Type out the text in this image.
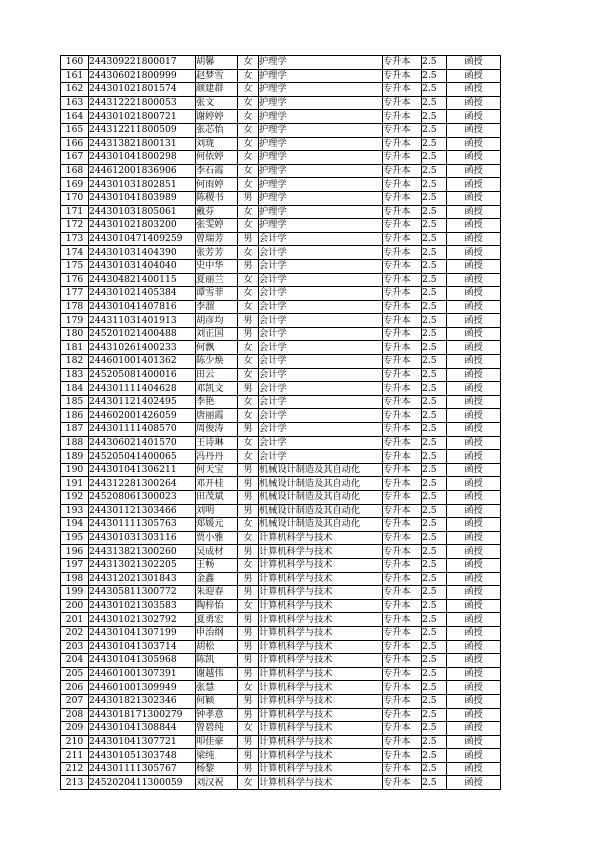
160	244309221800017	胡馨	女	护理学	专升本	2.5	函授
161	244306021800999	赵梦雪	女	护理学	专升本	2.5	函授
162	244301021801574	颜建群	女	护理学	专升本	2.5	函授
163	244312221800053	张文	女	护理学	专升本	2.5	函授
164	244301021800721	谢婷婷	女	护理学	专升本	2.5	函授
165	244312211800509	张芯怡	女	护理学	专升本	2.5	函授
166	244313821800131	刘珑	女	护理学	专升本	2.5	函授
167	244301041800298	何依婷	女	护理学	专升本	2.5	函授
168	244612001836906	李石霞	女	护理学	专升本	2.5	函授
169	244301031802851	何雨婷	女	护理学	专升本	2.5	函授
170	244301041803989	陈稷书	男	护理学	专升本	2.5	函授
171	244301031805061	戴芬	女	护理学	专升本	2.5	函授
172	244301021803200	张雯婷	女	护理学	专升本	2.5	函授
173	2443010471409259	曾瑞芳	男	会计学	专升本	2.5	函授
174	244301031404390	张芳芳	女	会计学	专升本	2.5	函授
175	244301031404040	史中华	男	会计学	专升本	2.5	函授
176	244304821400115	夏丽兰	女	会计学	专升本	2.5	函授
177	244301021405384	谭雪菲	女	会计学	专升本	2.5	函授
178	244301041407816	李溜	女	会计学	专升本	2.5	函授
179	244311031401913	胡彦均	男	会计学	专升本	2.5	函授
180	245201021400488	刘正国	男	会计学	专升本	2.5	函授
181	244310261400233	何飘	女	会计学	专升本	2.5	函授
182	244601001401362	陈少焕	女	会计学	专升本	2.5	函授
183	245205081400016	田云	女	会计学	专升本	2.5	函授
184	244301111404628	邓凯文	男	会计学	专升本	2.5	函授
185	244301121402495	李艳	女	会计学	专升本	2.5	函授
186	244602001426059	唐丽霞	女	会计学	专升本	2.5	函授
187	244301111408570	周俊涛	男	会计学	专升本	2.5	函授
188	244306021401570	王诗琳	女	会计学	专升本	2.5	函授
189	245205041400065	冯丹丹	女	会计学	专升本	2.5	函授
190	244301041306211	何天宝	男	机械设计制造及其自动化	专升本	2.5	函授
191	244312281300264	邓开桂	男	机械设计制造及其自动化	专升本	2.5	函授
192	245208061300023	田茂斌	男	机械设计制造及其自动化	专升本	2.5	函授
193	244301121303466	刘明	男	机械设计制造及其自动化	专升本	2.5	函授
194	244301111305763	郑媛元	女	机械设计制造及其自动化	专升本	2.5	函授
195	244301031303116	贾小雅	女	计算机科学与技术	专升本	2.5	函授
196	244313821300260	吴成材	男	计算机科学与技术	专升本	2.5	函授
197	244313021302205	王畅	女	计算机科学与技术	专升本	2.5	函授
198	244312021301843	金鑫	男	计算机科学与技术	专升本	2.5	函授
199	244305811300772	朱迎春	男	计算机科学与技术	专升本	2.5	函授
200	244301021303583	陶梓怡	女	计算机科学与技术	专升本	2.5	函授
201	244301021302792	夏勇宏	男	计算机科学与技术	专升本	2.5	函授
202	244301041307199	申治纲	男	计算机科学与技术	专升本	2.5	函授
203	244301041303714	胡松	男	计算机科学与技术	专升本	2.5	函授
204	244301041305968	陈凯	男	计算机科学与技术	专升本	2.5	函授
205	244601001307391	谢越伟	男	计算机科学与技术	专升本	2.5	函授
206	244601001309949	张慧	女	计算机科学与技术	专升本	2.5	函授
207	244301821302346	何颖	男	计算机科学与技术	专升本	2.5	函授
208	2443018171300279	钟孝意	男	计算机科学与技术	专升本	2.5	函授
209	244301041308844	曾碧纯	女	计算机科学与技术	专升本	2.5	函授
210	244301041307721	叩佳豪	男	计算机科学与技术	专升本	2.5	函授
211	244301051303748	梁纯	男	计算机科学与技术	专升本	2.5	函授
212	244301111305767	杨黎	男	计算机科学与技术	专升本	2.5	函授
213	2452020411300059	刘汉祝	女	计算机科学与技术	专升本	2.5	函授
